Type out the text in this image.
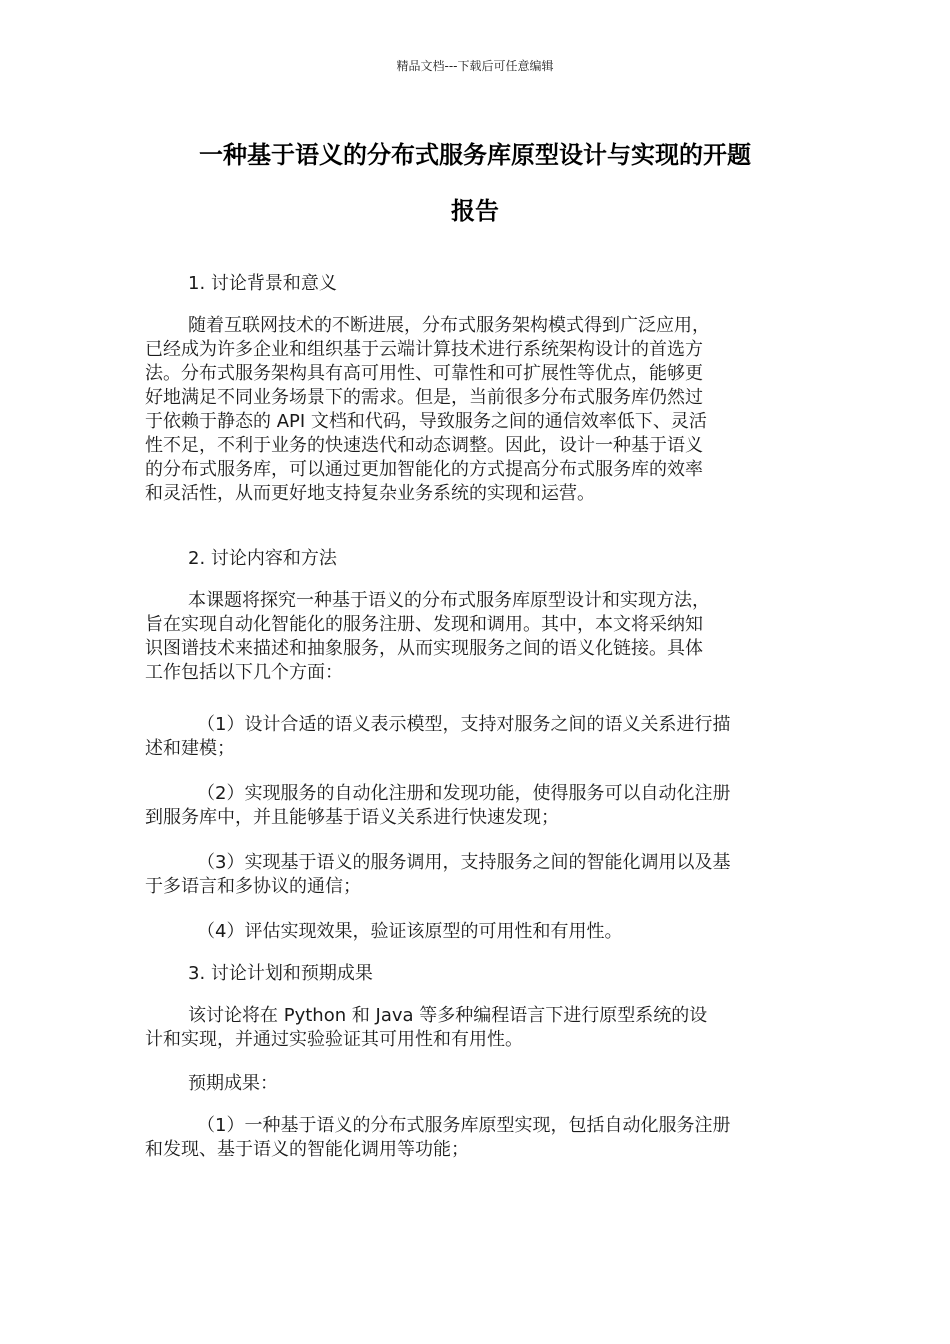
精品文档---下载后可任意编辑
一种基于语义的分布式服务库原型设计与实现的开题
报告
1. 讨论背景和意义
随着互联网技术的不断进展，分布式服务架构模式得到广泛应用，
已经成为许多企业和组织基于云端计算技术进行系统架构设计的首选方
法。分布式服务架构具有高可用性、可靠性和可扩展性等优点，能够更
好地满足不同业务场景下的需求。但是，当前很多分布式服务库仍然过
于依赖于静态的 API 文档和代码，导致服务之间的通信效率低下、灵活
性不足，不利于业务的快速迭代和动态调整。因此，设计一种基于语义
的分布式服务库，可以通过更加智能化的方式提高分布式服务库的效率
和灵活性，从而更好地支持复杂业务系统的实现和运营。
2. 讨论内容和方法
本课题将探究一种基于语义的分布式服务库原型设计和实现方法，
旨在实现自动化智能化的服务注册、发现和调用。其中，本文将采纳知
识图谱技术来描述和抽象服务，从而实现服务之间的语义化链接。具体
工作包括以下几个方面：
（1）设计合适的语义表示模型，支持对服务之间的语义关系进行描
述和建模；
（2）实现服务的自动化注册和发现功能，使得服务可以自动化注册
到服务库中，并且能够基于语义关系进行快速发现；
（3）实现基于语义的服务调用，支持服务之间的智能化调用以及基
于多语言和多协议的通信；
（4）评估实现效果，验证该原型的可用性和有用性。
3. 讨论计划和预期成果
该讨论将在 Python 和 Java 等多种编程语言下进行原型系统的设
计和实现，并通过实验验证其可用性和有用性。
预期成果：
（1）一种基于语义的分布式服务库原型实现，包括自动化服务注册
和发现、基于语义的智能化调用等功能；
